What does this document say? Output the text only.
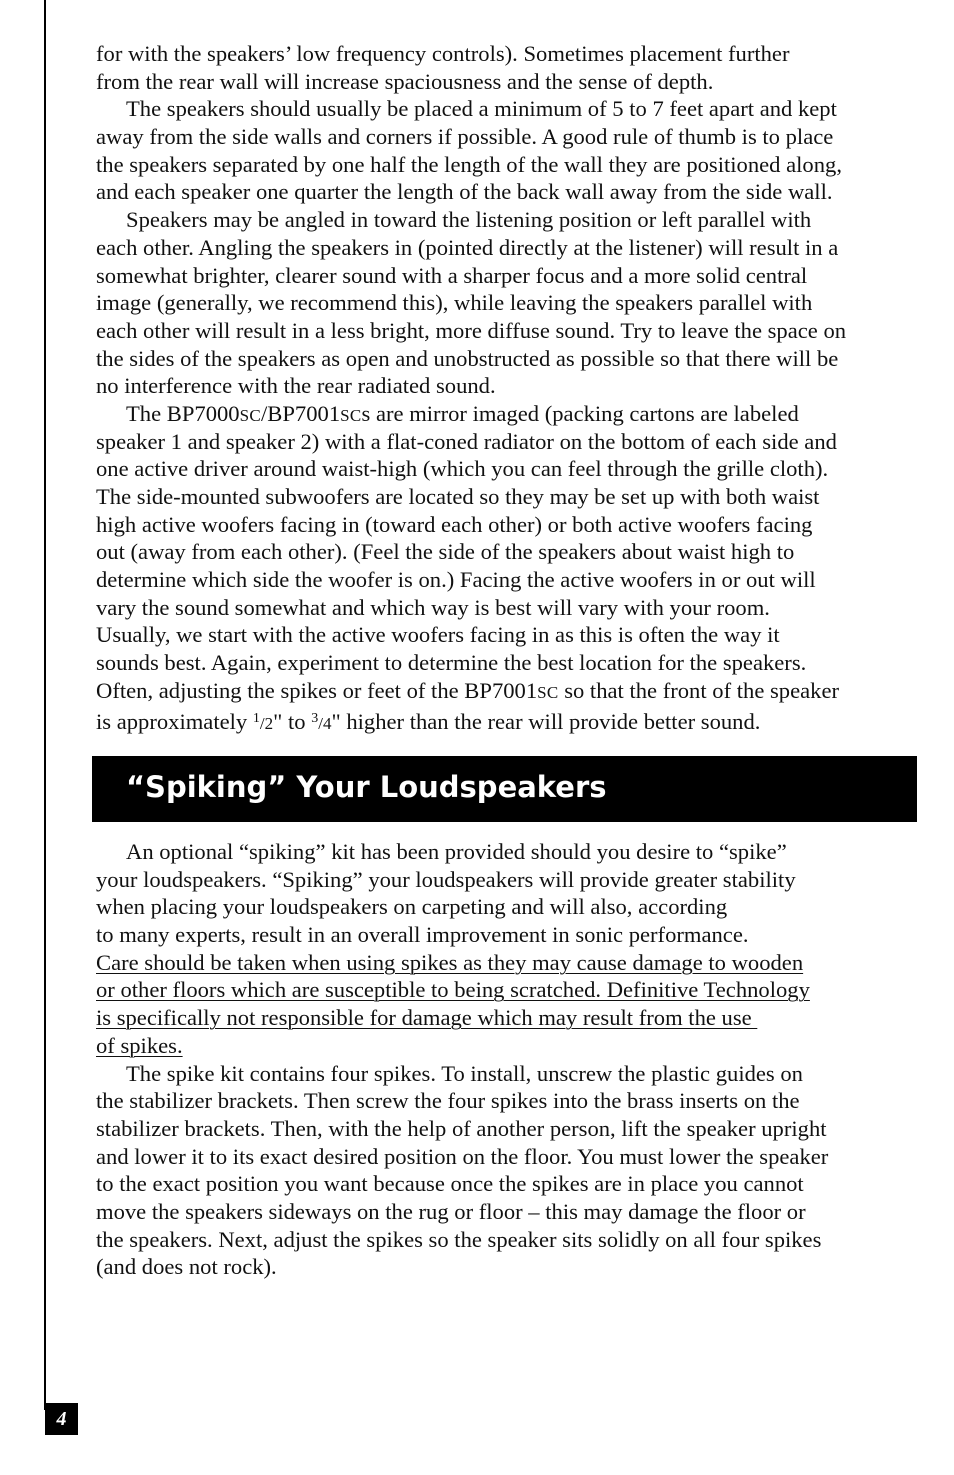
for with the speakers’ low frequency controls). Sometimes placement further
from the rear wall will increase spaciousness and the sense of depth.
The speakers should usually be placed a minimum of 5 to 7 feet apart and kept
away from the side walls and corners if possible. A good rule of thumb is to place
the speakers separated by one half the length of the wall they are positioned along,
and each speaker one quarter the length of the back wall away from the side wall.
Speakers may be angled in toward the listening position or left parallel with
each other. Angling the speakers in (pointed directly at the listener) will result in a
somewhat brighter, clearer sound with a sharper focus and a more solid central
image (generally, we recommend this), while leaving the speakers parallel with
each other will result in a less bright, more diffuse sound. Try to leave the space on
the sides of the speakers as open and unobstructed as possible so that there will be
no interference with the rear radiated sound.
The BP7000SC/BP7001SCs are mirror imaged (packing cartons are labeled
speaker 1 and speaker 2) with a flat-coned radiator on the bottom of each side and
one active driver around waist-high (which you can feel through the grille cloth).
The side-mounted subwoofers are located so they may be set up with both waist
high active woofers facing in (toward each other) or both active woofers facing
out (away from each other). (Feel the side of the speakers about waist high to
determine which side the woofer is on.) Facing the active woofers in or out will
vary the sound somewhat and which way is best will vary with your room.
Usually, we start with the active woofers facing in as this is often the way it
sounds best. Again, experiment to determine the best location for the speakers.
Often, adjusting the spikes or feet of the BP7001SC so that the front of the speaker
is approximately $^1$/2" to $^3$/4" higher than the rear will provide better sound.
“Spiking” Your Loudspeakers
An optional “spiking” kit has been provided should you desire to “spike”
your loudspeakers. “Spiking” your loudspeakers will provide greater stability
when placing your loudspeakers on carpeting and will also, according
to many experts, result in an overall improvement in sonic performance.
Care should be taken when using spikes as they may cause damage to wooden
or other floors which are susceptible to being scratched. Definitive Technology
is specifically not responsible for damage which may result from the use
of spikes.
The spike kit contains four spikes. To install, unscrew the plastic guides on
the stabilizer brackets. Then screw the four spikes into the brass inserts on the
stabilizer brackets. Then, with the help of another person, lift the speaker upright
and lower it to its exact desired position on the floor. You must lower the speaker
to the exact position you want because once the spikes are in place you cannot
move the speakers sideways on the rug or floor – this may damage the floor or
the speakers. Next, adjust the spikes so the speaker sits solidly on all four spikes
(and does not rock).
4
